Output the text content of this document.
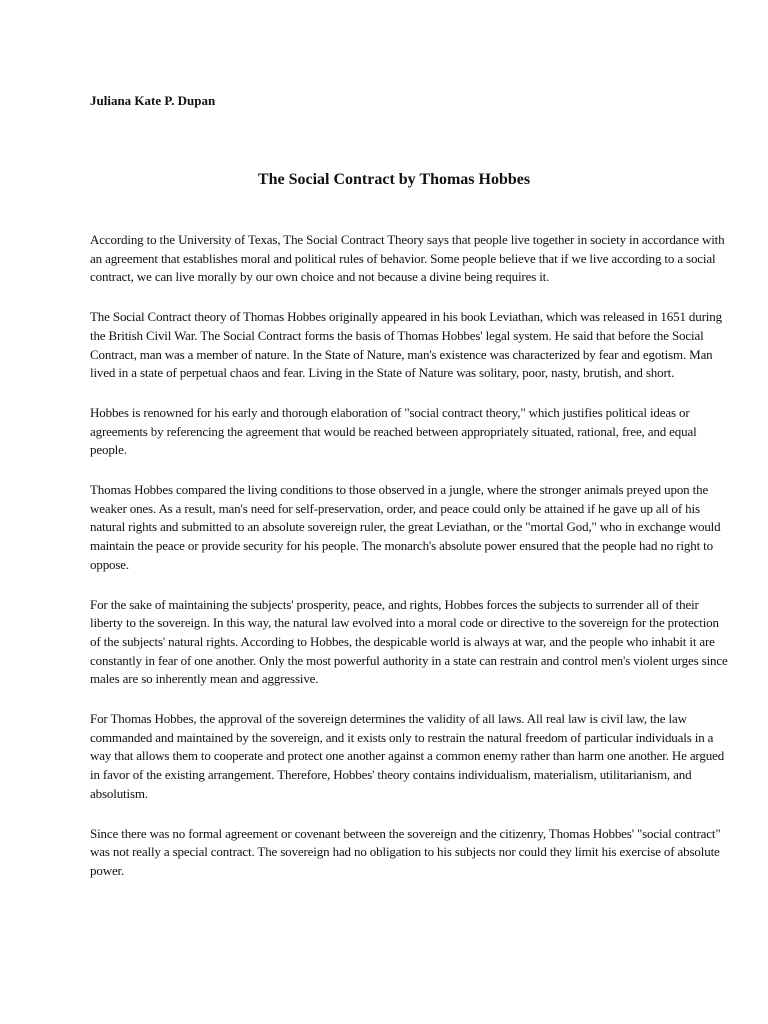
Juliana Kate P. Dupan

The Social Contract by Thomas Hobbes

According to the University of Texas, The Social Contract Theory says that people live together in society in accordance with an agreement that establishes moral and political rules of behavior. Some people believe that if we live according to a social contract, we can live morally by our own choice and not because a divine being requires it.

The Social Contract theory of Thomas Hobbes originally appeared in his book Leviathan, which was released in 1651 during the British Civil War. The Social Contract forms the basis of Thomas Hobbes' legal system. He said that before the Social Contract, man was a member of nature. In the State of Nature, man's existence was characterized by fear and egotism. Man lived in a state of perpetual chaos and fear. Living in the State of Nature was solitary, poor, nasty, brutish, and short.

Hobbes is renowned for his early and thorough elaboration of "social contract theory," which justifies political ideas or agreements by referencing the agreement that would be reached between appropriately situated, rational, free, and equal people.

Thomas Hobbes compared the living conditions to those observed in a jungle, where the stronger animals preyed upon the weaker ones. As a result, man's need for self-preservation, order, and peace could only be attained if he gave up all of his natural rights and submitted to an absolute sovereign ruler, the great Leviathan, or the "mortal God," who in exchange would maintain the peace or provide security for his people. The monarch's absolute power ensured that the people had no right to oppose.

For the sake of maintaining the subjects' prosperity, peace, and rights, Hobbes forces the subjects to surrender all of their liberty to the sovereign. In this way, the natural law evolved into a moral code or directive to the sovereign for the protection of the subjects' natural rights. According to Hobbes, the despicable world is always at war, and the people who inhabit it are constantly in fear of one another. Only the most powerful authority in a state can restrain and control men's violent urges since males are so inherently mean and aggressive.

For Thomas Hobbes, the approval of the sovereign determines the validity of all laws. All real law is civil law, the law commanded and maintained by the sovereign, and it exists only to restrain the natural freedom of particular individuals in a way that allows them to cooperate and protect one another against a common enemy rather than harm one another. He argued in favor of the existing arrangement. Therefore, Hobbes' theory contains individualism, materialism, utilitarianism, and absolutism.

Since there was no formal agreement or covenant between the sovereign and the citizenry, Thomas Hobbes' "social contract" was not really a special contract. The sovereign had no obligation to his subjects nor could they limit his exercise of absolute power.
